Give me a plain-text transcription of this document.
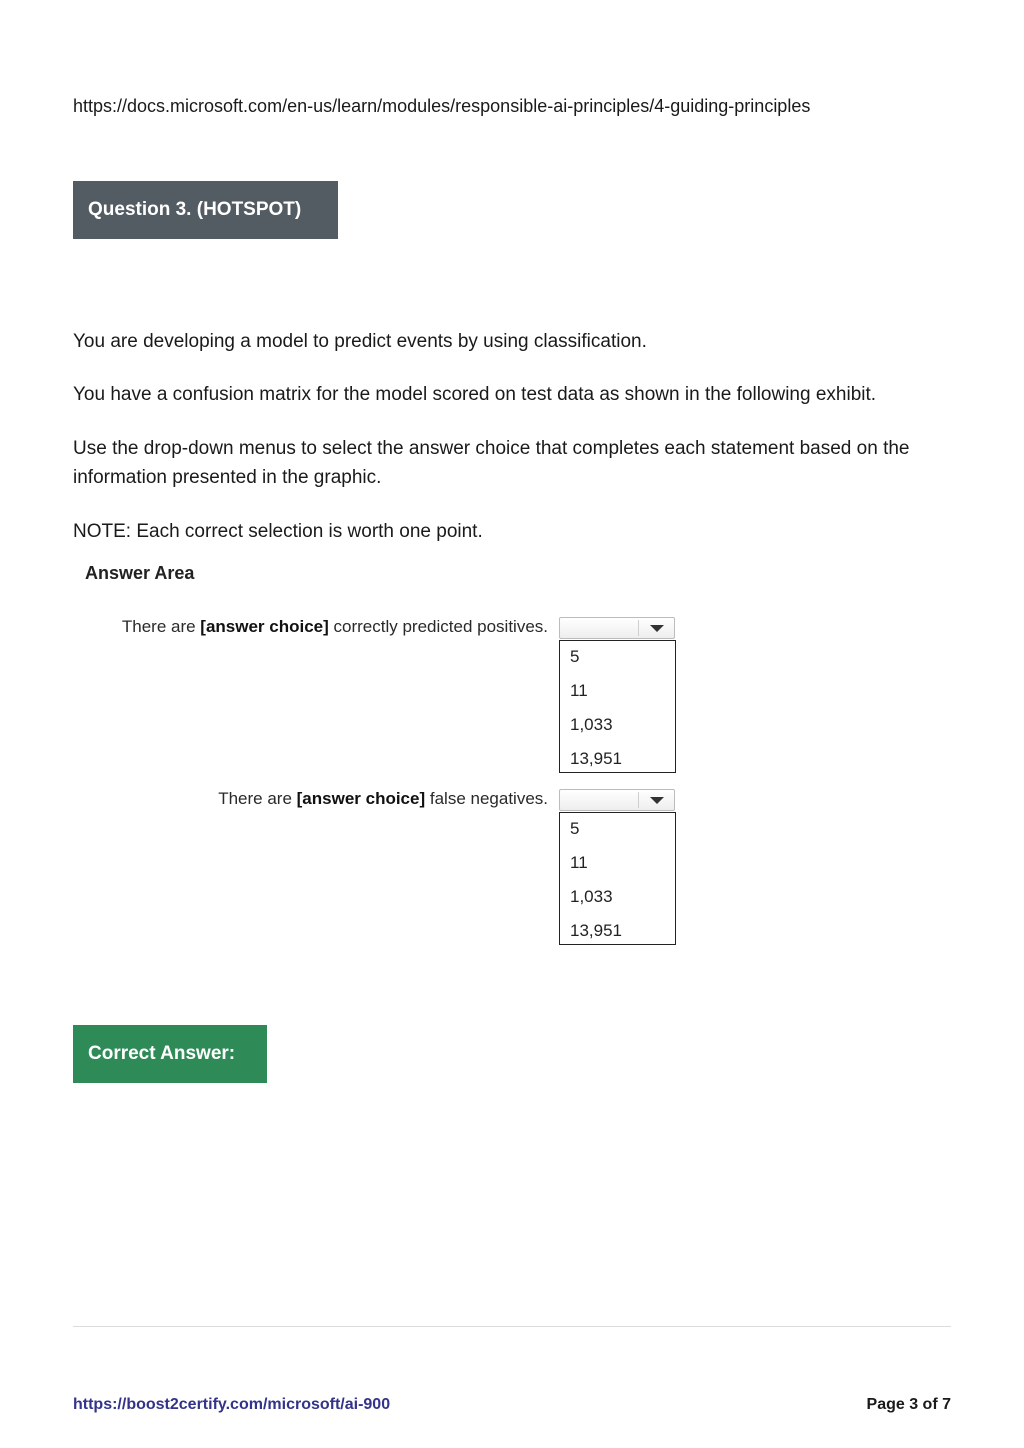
https://docs.microsoft.com/en-us/learn/modules/responsible-ai-principles/4-guiding-principles
Question 3. (HOTSPOT)

You are developing a model to predict events by using classification.

You have a confusion matrix for the model scored on test data as shown in the following exhibit.

Use the drop-down menus to select the answer choice that completes each statement based on the information presented in the graphic.

NOTE: Each correct selection is worth one point.

Answer Area
There are [answer choice] correctly predicted positives.
5
11
1,033
13,951
There are [answer choice] false negatives.
5
11
1,033
13,951
Correct Answer:
https://boost2certify.com/microsoft/ai-900	Page 3 of 7
